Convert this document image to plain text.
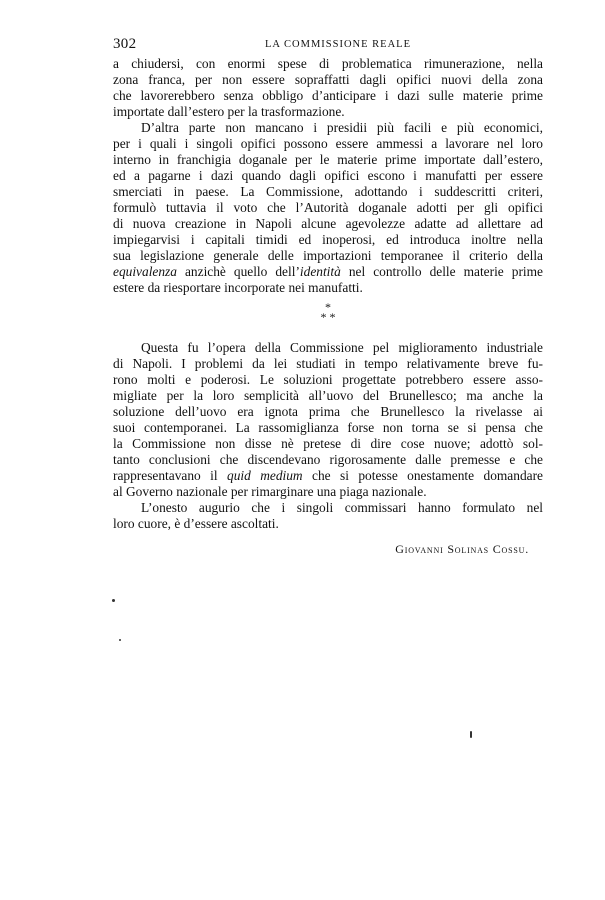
302	LA COMMISSIONE REALE
a chiudersi, con enormi spese di problematica rimunerazione, nella
zona franca, per non essere sopraffatti dagli opifici nuovi della zona
che lavorerebbero senza obbligo d’anticipare i dazi sulle materie prime
importate dall’estero per la trasformazione.
D’altra parte non mancano i presidii più facili e più economici,
per i quali i singoli opifici possono essere ammessi a lavorare nel loro
interno in franchigia doganale per le materie prime importate dall’estero,
ed a pagarne i dazi quando dagli opifici escono i manufatti per essere
smerciati in paese. La Commissione, adottando i suddescritti criteri,
formulò tuttavia il voto che l’Autorità doganale adotti per gli opifici
di nuova creazione in Napoli alcune agevolezze adatte ad allettare ad
impiegarvisi i capitali timidi ed inoperosi, ed introduca inoltre nella
sua legislazione generale delle importazioni temporanee il criterio della
equivalenza anzichè quello dell’identità nel controllo delle materie prime
estere da riesportare incorporate nei manufatti.
*
* *
Questa fu l’opera della Commissione pel miglioramento industriale
di Napoli. I problemi da lei studiati in tempo relativamente breve fu-
rono molti e poderosi. Le soluzioni progettate potrebbero essere asso-
migliate per la loro semplicità all’uovo del Brunellesco; ma anche la
soluzione dell’uovo era ignota prima che Brunellesco la rivelasse ai
suoi contemporanei. La rassomiglianza forse non torna se si pensa che
la Commissione non disse nè pretese di dire cose nuove; adottò sol-
tanto conclusioni che discendevano rigorosamente dalle premesse e che
rappresentavano il quid medium che si potesse onestamente domandare
al Governo nazionale per rimarginare una piaga nazionale.
L’onesto augurio che i singoli commissari hanno formulato nel
loro cuore, è d’essere ascoltati.
Giovanni Solinas Cossu.
